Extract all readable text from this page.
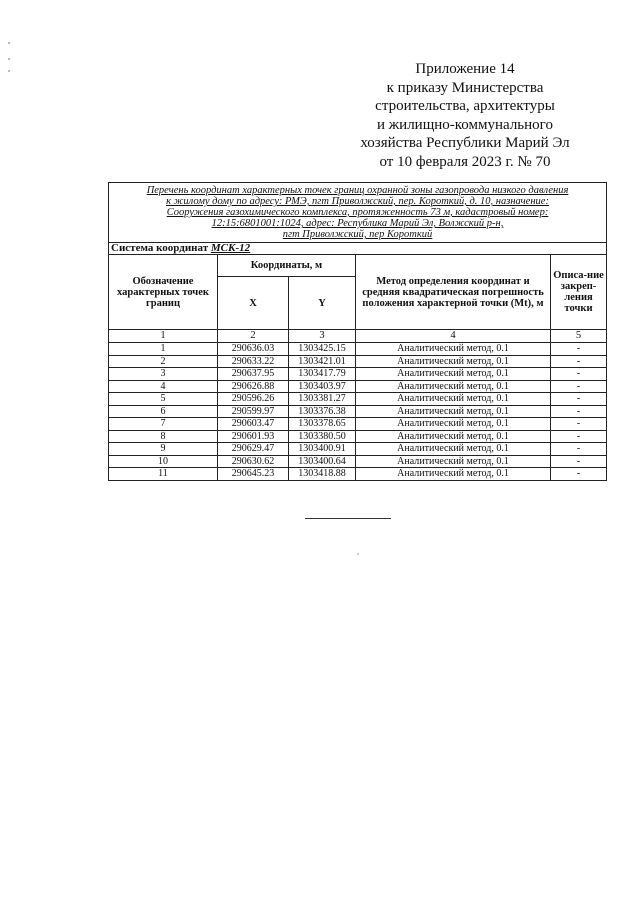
Приложение 14
к приказу Министерства
строительства, архитектуры
и жилищно-коммунального
хозяйства Республики Марий Эл
от 10 февраля 2023 г. № 70
Перечень координат характерных точек границ охранной зоны газопровода низкого давления
к жилому дому по адресу: РМЭ, пгт Приволжский, пер. Короткий, д. 10, назначение:
Сооружения газохимического комплекса, протяженность 73 м, кадастровый номер:
12:15:6801001:1024, адрес: Республика Марий Эл, Волжский р-н,
пгт Приволжский, пер Короткий				

Система координат МСК-12				
Обозначение характерных точек границ	Координаты, м		Метод определения координат и средняя квадратическая погрешность положения характерной точки (Mt), м	Описа-ние закреп-ления точки
	X	Y		
1	2	3	4	5
1	290636.03	1303425.15	Аналитический метод, 0.1	-
2	290633.22	1303421.01	Аналитический метод, 0.1	-
3	290637.95	1303417.79	Аналитический метод, 0.1	-
4	290626.88	1303403.97	Аналитический метод, 0.1	-
5	290596.26	1303381.27	Аналитический метод, 0.1	-
6	290599.97	1303376.38	Аналитический метод, 0.1	-
7	290603.47	1303378.65	Аналитический метод, 0.1	-
8	290601.93	1303380.50	Аналитический метод, 0.1	-
9	290629.47	1303400.91	Аналитический метод, 0.1	-
10	290630.62	1303400.64	Аналитический метод, 0.1	-
11	290645.23	1303418.88	Аналитический метод, 0.1	-
